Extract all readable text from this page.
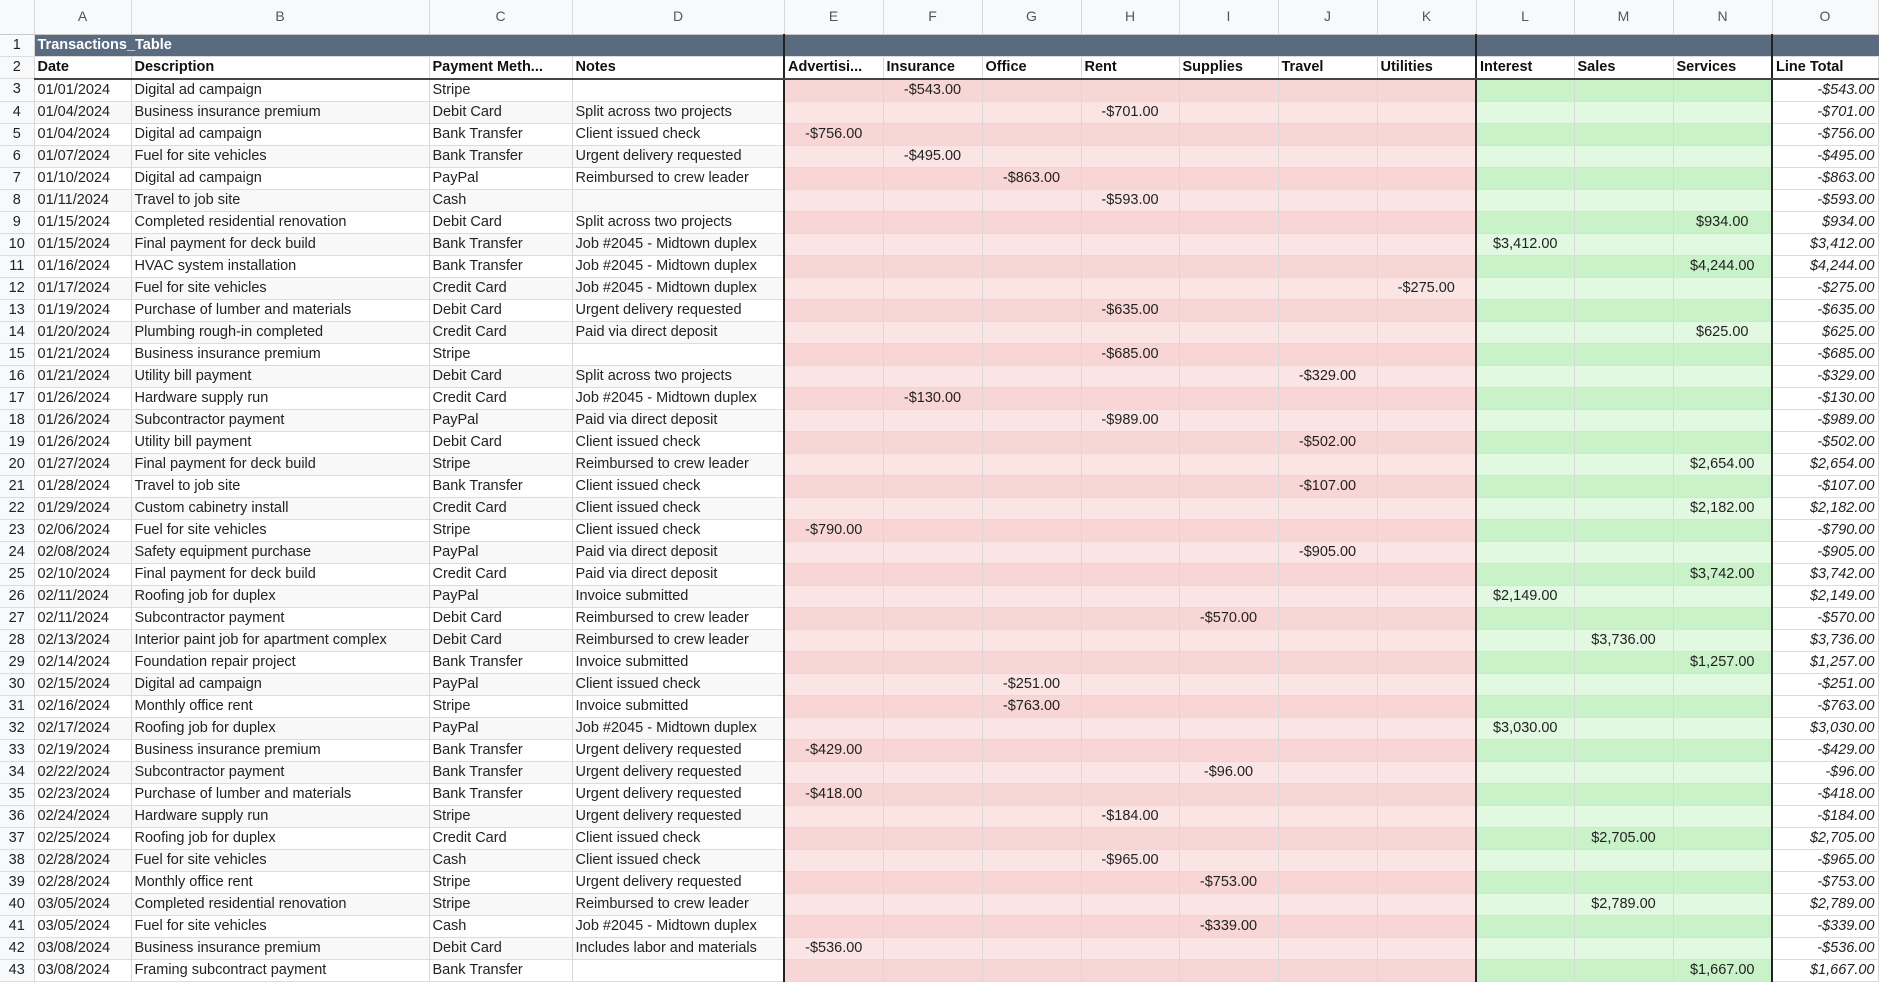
	A	B	C	D	E	F	G	H	I	J	K	L	M	N	O
1	Transactions_Table														
2	Date	Description	Payment Meth...	Notes	Advertisi...	Insurance	Office	Rent	Supplies	Travel	Utilities	Interest	Sales	Services	Line Total
3	01/01/2024	Digital ad campaign	Stripe			-$543.00									-$543.00
4	01/04/2024	Business insurance premium	Debit Card	Split across two projects				-$701.00							-$701.00
5	01/04/2024	Digital ad campaign	Bank Transfer	Client issued check	-$756.00										-$756.00
6	01/07/2024	Fuel for site vehicles	Bank Transfer	Urgent delivery requested		-$495.00									-$495.00
7	01/10/2024	Digital ad campaign	PayPal	Reimbursed to crew leader			-$863.00								-$863.00
8	01/11/2024	Travel to job site	Cash					-$593.00							-$593.00
9	01/15/2024	Completed residential renovation	Debit Card	Split across two projects										$934.00	$934.00
10	01/15/2024	Final payment for deck build	Bank Transfer	Job #2045 - Midtown duplex								$3,412.00			$3,412.00
11	01/16/2024	HVAC system installation	Bank Transfer	Job #2045 - Midtown duplex										$4,244.00	$4,244.00
12	01/17/2024	Fuel for site vehicles	Credit Card	Job #2045 - Midtown duplex							-$275.00				-$275.00
13	01/19/2024	Purchase of lumber and materials	Debit Card	Urgent delivery requested				-$635.00							-$635.00
14	01/20/2024	Plumbing rough-in completed	Credit Card	Paid via direct deposit										$625.00	$625.00
15	01/21/2024	Business insurance premium	Stripe					-$685.00							-$685.00
16	01/21/2024	Utility bill payment	Debit Card	Split across two projects						-$329.00					-$329.00
17	01/26/2024	Hardware supply run	Credit Card	Job #2045 - Midtown duplex		-$130.00									-$130.00
18	01/26/2024	Subcontractor payment	PayPal	Paid via direct deposit				-$989.00							-$989.00
19	01/26/2024	Utility bill payment	Debit Card	Client issued check						-$502.00					-$502.00
20	01/27/2024	Final payment for deck build	Stripe	Reimbursed to crew leader										$2,654.00	$2,654.00
21	01/28/2024	Travel to job site	Bank Transfer	Client issued check						-$107.00					-$107.00
22	01/29/2024	Custom cabinetry install	Credit Card	Client issued check										$2,182.00	$2,182.00
23	02/06/2024	Fuel for site vehicles	Stripe	Client issued check	-$790.00										-$790.00
24	02/08/2024	Safety equipment purchase	PayPal	Paid via direct deposit						-$905.00					-$905.00
25	02/10/2024	Final payment for deck build	Credit Card	Paid via direct deposit										$3,742.00	$3,742.00
26	02/11/2024	Roofing job for duplex	PayPal	Invoice submitted								$2,149.00			$2,149.00
27	02/11/2024	Subcontractor payment	Debit Card	Reimbursed to crew leader					-$570.00						-$570.00
28	02/13/2024	Interior paint job for apartment complex	Debit Card	Reimbursed to crew leader									$3,736.00		$3,736.00
29	02/14/2024	Foundation repair project	Bank Transfer	Invoice submitted										$1,257.00	$1,257.00
30	02/15/2024	Digital ad campaign	PayPal	Client issued check			-$251.00								-$251.00
31	02/16/2024	Monthly office rent	Stripe	Invoice submitted			-$763.00								-$763.00
32	02/17/2024	Roofing job for duplex	PayPal	Job #2045 - Midtown duplex								$3,030.00			$3,030.00
33	02/19/2024	Business insurance premium	Bank Transfer	Urgent delivery requested	-$429.00										-$429.00
34	02/22/2024	Subcontractor payment	Bank Transfer	Urgent delivery requested					-$96.00						-$96.00
35	02/23/2024	Purchase of lumber and materials	Bank Transfer	Urgent delivery requested	-$418.00										-$418.00
36	02/24/2024	Hardware supply run	Stripe	Urgent delivery requested				-$184.00							-$184.00
37	02/25/2024	Roofing job for duplex	Credit Card	Client issued check									$2,705.00		$2,705.00
38	02/28/2024	Fuel for site vehicles	Cash	Client issued check				-$965.00							-$965.00
39	02/28/2024	Monthly office rent	Stripe	Urgent delivery requested					-$753.00						-$753.00
40	03/05/2024	Completed residential renovation	Stripe	Reimbursed to crew leader									$2,789.00		$2,789.00
41	03/05/2024	Fuel for site vehicles	Cash	Job #2045 - Midtown duplex					-$339.00						-$339.00
42	03/08/2024	Business insurance premium	Debit Card	Includes labor and materials	-$536.00										-$536.00
43	03/08/2024	Framing subcontract payment	Bank Transfer											$1,667.00	$1,667.00
